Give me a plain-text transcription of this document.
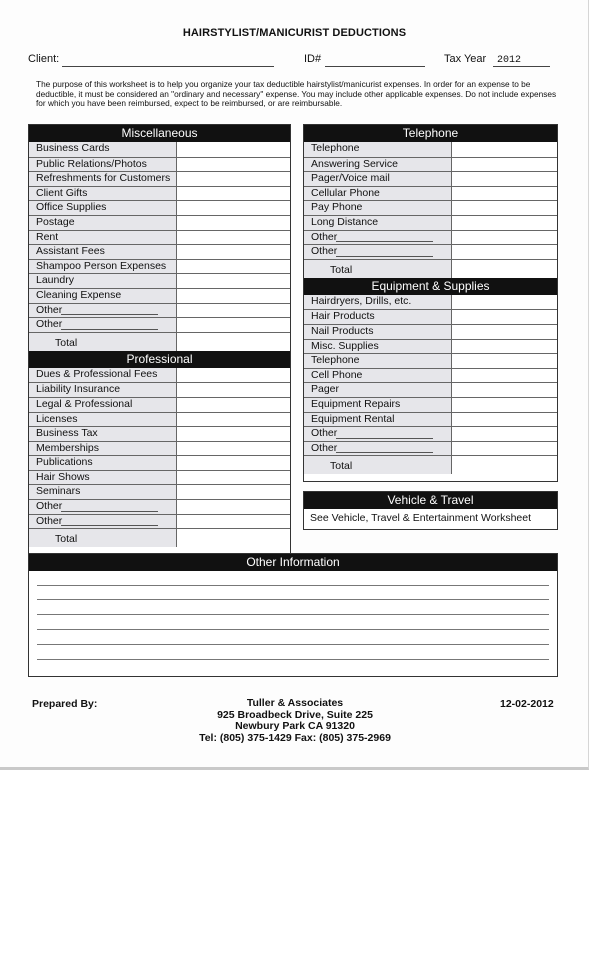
HAIRSTYLIST/MANICURIST DEDUCTIONS
Client:	ID#	Tax Year 2012
The purpose of this worksheet is to help you organize your tax deductible hairstylist/manicurist expenses. In order for an expense to be deductible, it must be considered an "ordinary and necessary" expense. You may include other applicable expenses. Do not include expenses for which you have been reimbursed, expect to be reimbursed, or are reimbursable.
Miscellaneous
Business Cards
Public Relations/Photos
Refreshments for Customers
Client Gifts
Office Supplies
Postage
Rent
Assistant Fees
Shampoo Person Expenses
Laundry
Cleaning Expense
Other
Other
Total
Professional
Dues & Professional Fees
Liability Insurance
Legal & Professional
Licenses
Business Tax
Memberships
Publications
Hair Shows
Seminars
Other
Other
Total
Telephone
Telephone
Answering Service
Pager/Voice mail
Cellular Phone
Pay Phone
Long Distance
Other
Other
Total
Equipment & Supplies
Hairdryers, Drills, etc.
Hair Products
Nail Products
Misc. Supplies
Telephone
Cell Phone
Pager
Equipment Repairs
Equipment Rental
Other
Other
Total
Vehicle & Travel
See Vehicle, Travel & Entertainment Worksheet
Other Information
Prepared By:	Tuller & Associates
925 Broadbeck Drive, Suite 225
Newbury Park CA 91320
Tel: (805) 375-1429 Fax: (805) 375-2969
12-02-2012
